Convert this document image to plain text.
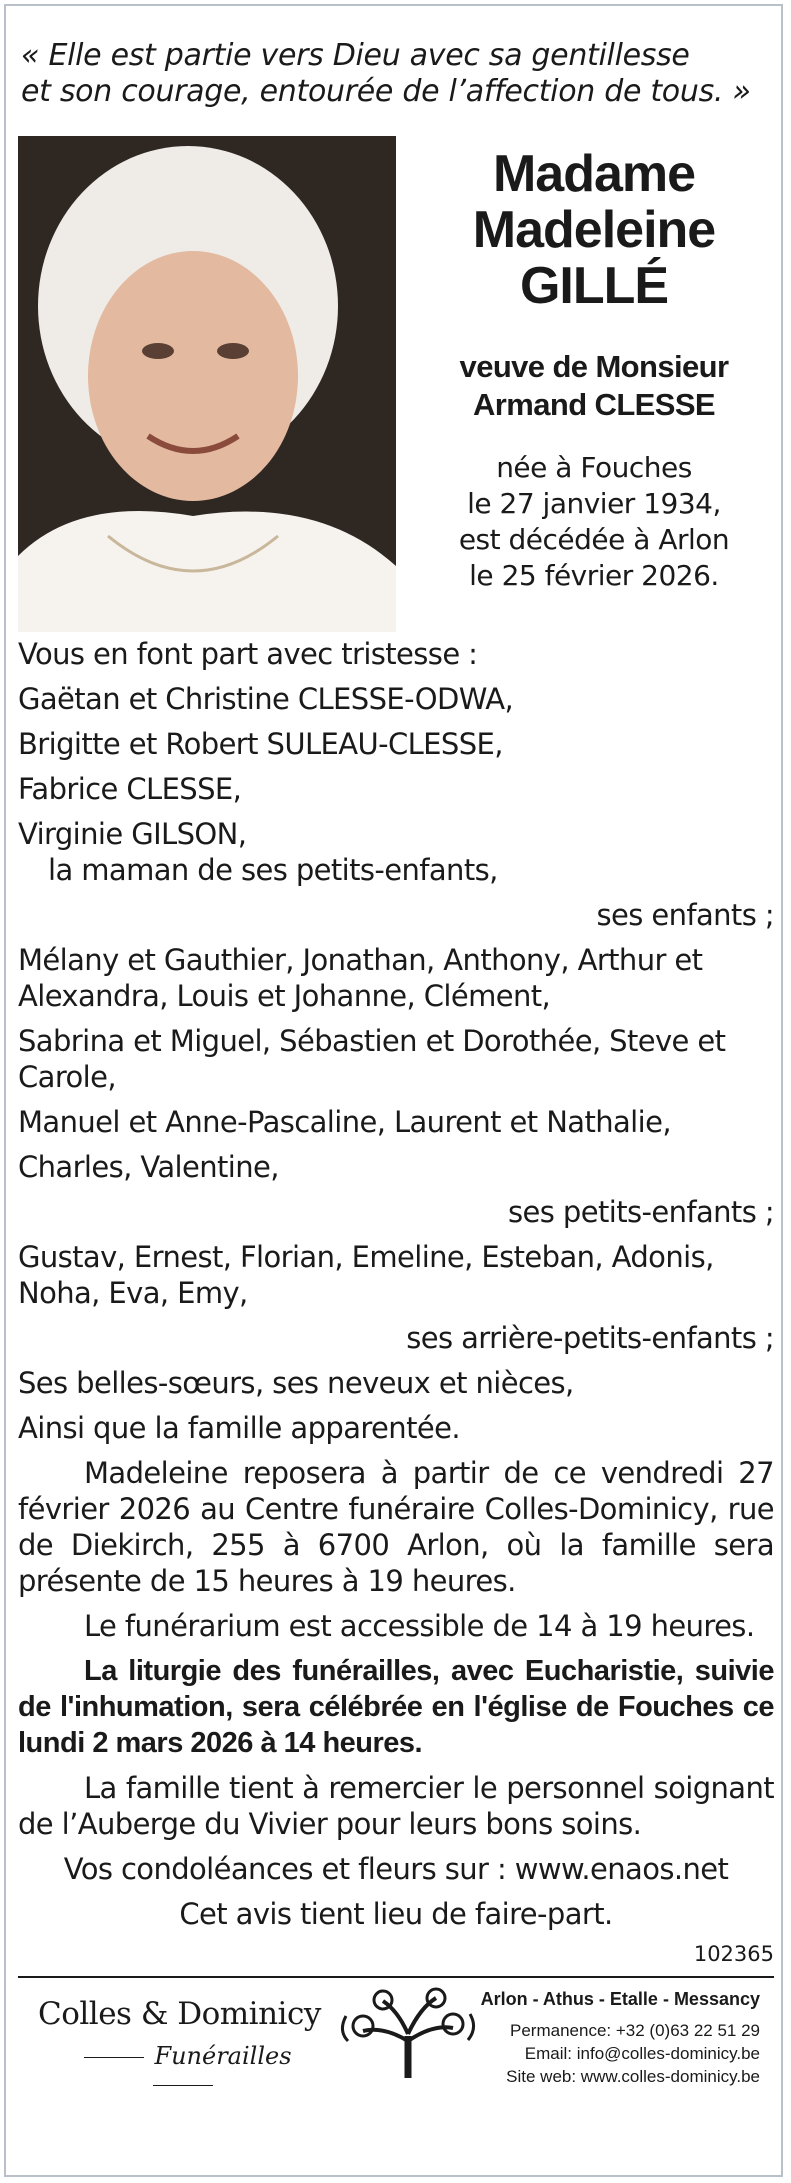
« Elle est partie vers Dieu avec sa gentillesse
et son courage, entourée de l’affection de tous. »
Madame
Madeleine
GILLÉ
veuve de Monsieur
Armand CLESSE
née à Fouches
le 27 janvier 1934,
est décédée à Arlon
le 25 février 2026.
Vous en font part avec tristesse :
Gaëtan et Christine CLESSE-ODWA,
Brigitte et Robert SULEAU-CLESSE,
Fabrice CLESSE,
Virginie GILSON,
la maman de ses petits-enfants,
ses enfants ;
Mélany et Gauthier, Jonathan, Anthony, Arthur et Alexandra, Louis et Johanne, Clément,
Sabrina et Miguel, Sébastien et Dorothée, Steve et Carole,
Manuel et Anne-Pascaline, Laurent et Nathalie,
Charles, Valentine,
ses petits-enfants ;
Gustav, Ernest, Florian, Emeline, Esteban, Adonis, Noha, Eva, Emy,
ses arrière-petits-enfants ;
Ses belles-sœurs, ses neveux et nièces,
Ainsi que la famille apparentée.
Madeleine reposera à partir de ce vendredi 27 février 2026 au Centre funéraire Colles-Dominicy, rue de Diekirch, 255 à 6700 Arlon, où la famille sera présente de 15 heures à 19 heures.
Le funérarium est accessible de 14 à 19 heures.
La liturgie des funérailles, avec Eucharistie, suivie de l'inhumation, sera célébrée en l'église de Fouches ce lundi 2 mars 2026 à 14 heures.
La famille tient à remercier le personnel soignant de l’Auberge du Vivier pour leurs bons soins.
Vos condoléances et fleurs sur : www.enaos.net
Cet avis tient lieu de faire-part.
102365
Colles & Dominicy
Funérailles
Arlon - Athus - Etalle - Messancy
Permanence: +32 (0)63 22 51 29
Email: info@colles-dominicy.be
Site web: www.colles-dominicy.be
